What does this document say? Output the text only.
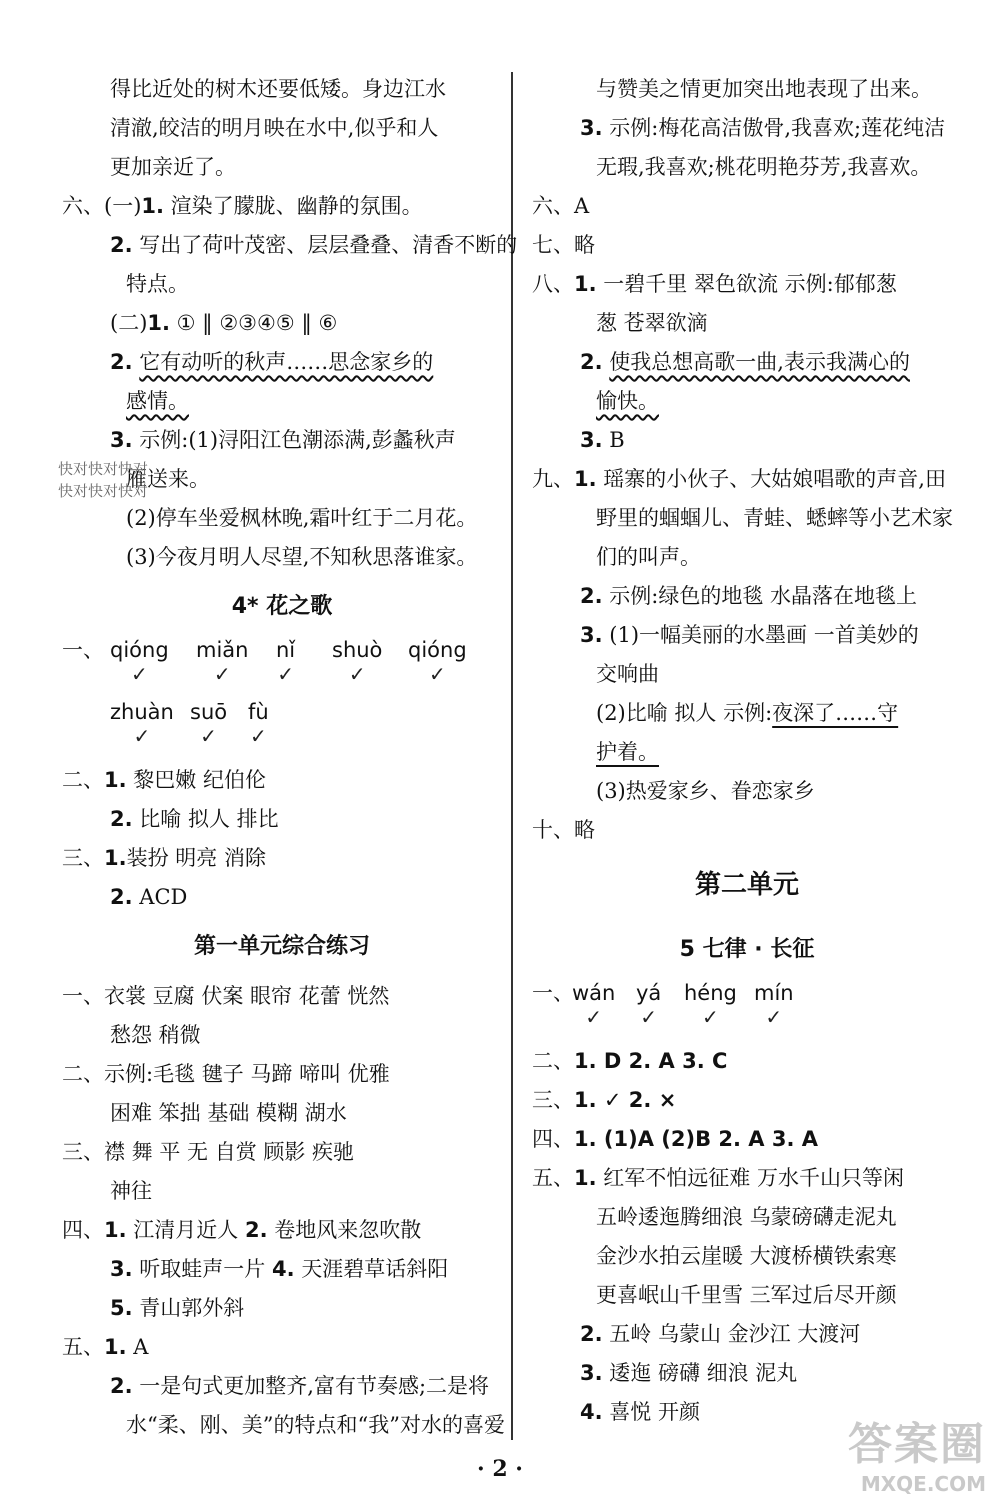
得比近处的树木还要低矮。身边江水
清澈,皎洁的明月映在水中,似乎和人
更加亲近了。
六、(一)1. 渲染了朦胧、幽静的氛围。
2. 写出了荷叶茂密、层层叠叠、清香不断的
特点。
(二)1. ① ‖ ②③④⑤ ‖ ⑥
2. 它有动听的秋声……思念家乡的
感情。
3. 示例:(1)浔阳江色潮添满,彭蠡秋声
雁送来。
(2)停车坐爱枫林晚,霜叶红于二月花。
(3)今夜月明人尽望,不知秋思落谁家。
4* 花之歌
一、 qióng
✓
miǎn
✓
nǐ
✓
shuò
✓
qióng
✓
zhuàn
✓
suō
✓
fù
✓
二、1. 黎巴嫩 纪伯伦
2. 比喻 拟人 排比
三、1.装扮 明亮 消除
2. ACD
第一单元综合练习
一、衣裳 豆腐 伏案 眼帘 花蕾 恍然
愁怨 稍微
二、示例:毛毯 毽子 马蹄 啼叫 优雅
困难 笨拙 基础 模糊 湖水
三、襟 舞 平 无 自赏 顾影 疾驰
神往
四、1. 江清月近人 2. 卷地风来忽吹散
3. 听取蛙声一片 4. 天涯碧草话斜阳
5. 青山郭外斜
五、1. A
2. 一是句式更加整齐,富有节奏感;二是将
水“柔、刚、美”的特点和“我”对水的喜爱
与赞美之情更加突出地表现了出来。
3. 示例:梅花高洁傲骨,我喜欢;莲花纯洁
无瑕,我喜欢;桃花明艳芬芳,我喜欢。
六、A
七、略
八、1. 一碧千里 翠色欲流 示例:郁郁葱
葱 苍翠欲滴
2. 使我总想高歌一曲,表示我满心的
愉快。
3. B
九、1. 瑶寨的小伙子、大姑娘唱歌的声音,田
野里的蝈蝈儿、青蛙、蟋蟀等小艺术家
们的叫声。
2. 示例:绿色的地毯 水晶落在地毯上
3. (1)一幅美丽的水墨画 一首美妙的
交响曲
(2)比喻 拟人 示例:夜深了……守
护着。
(3)热爱家乡、眷恋家乡
十、略
第二单元
5 七律 · 长征
一、
wán
✓
yá
✓
héng
✓
mín
✓
二、1. D 2. A 3. C
三、1. ✓ 2. ×
四、1. (1)A (2)B 2. A 3. A
五、1. 红军不怕远征难 万水千山只等闲
五岭逶迤腾细浪 乌蒙磅礴走泥丸
金沙水拍云崖暖 大渡桥横铁索寒
更喜岷山千里雪 三军过后尽开颜
2. 五岭 乌蒙山 金沙江 大渡河
3. 逶迤 磅礴 细浪 泥丸
4. 喜悦 开颜
快对快对快对
快对快对快对
· 2 ·	答案圈
MXQE.COM
